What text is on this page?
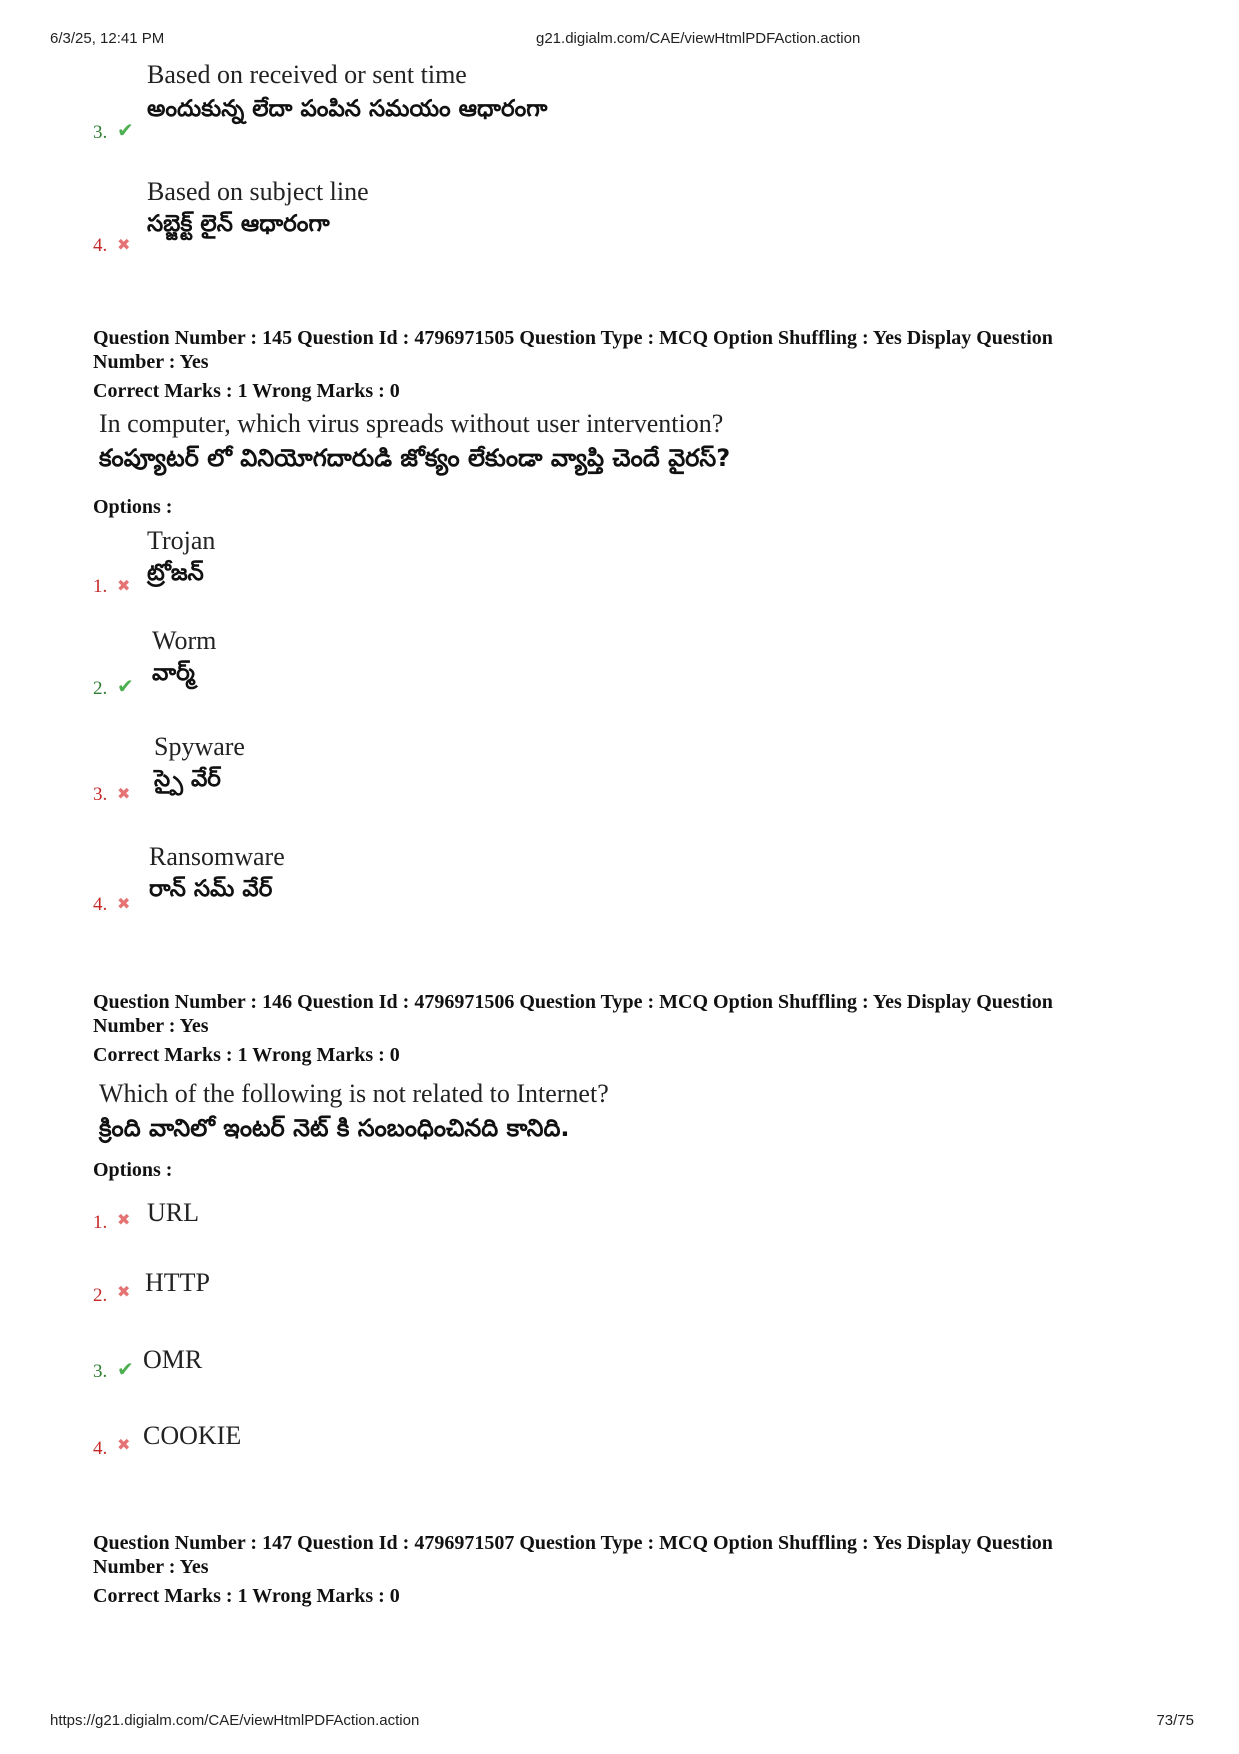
6/3/25, 12:41 PM	g21.digialm.com/CAE/viewHtmlPDFAction.action
Based on received or sent time
అందుకున్న లేదా పంపిన సమయం ఆధారంగా
3. ✔
Based on subject line
సబ్జెక్ట్ లైన్ ఆధారంగా
4. ✖
Question Number : 145 Question Id : 4796971505 Question Type : MCQ Option Shuffling : Yes Display Question
Number : Yes
Correct Marks : 1 Wrong Marks : 0
In computer, which virus spreads without user intervention?
కంప్యూటర్ లో వినియోగదారుడి జోక్యం లేకుండా వ్యాప్తి చెందే వైరస్?
Options :
Trojan
ట్రోజన్
1. ✖
Worm
వార్మ్
2. ✔
Spyware
స్పై వేర్
3. ✖
Ransomware
రాన్ సమ్ వేర్
4. ✖
Question Number : 146 Question Id : 4796971506 Question Type : MCQ Option Shuffling : Yes Display Question
Number : Yes
Correct Marks : 1 Wrong Marks : 0
Which of the following is not related to Internet?
క్రింది వానిలో ఇంటర్ నెట్ కి సంబంధించినది కానిది.
Options :
1. ✖ URL
2. ✖ HTTP
3. ✔ OMR
4. ✖ COOKIE
Question Number : 147 Question Id : 4796971507 Question Type : MCQ Option Shuffling : Yes Display Question
Number : Yes
Correct Marks : 1 Wrong Marks : 0
https://g21.digialm.com/CAE/viewHtmlPDFAction.action	73/75
